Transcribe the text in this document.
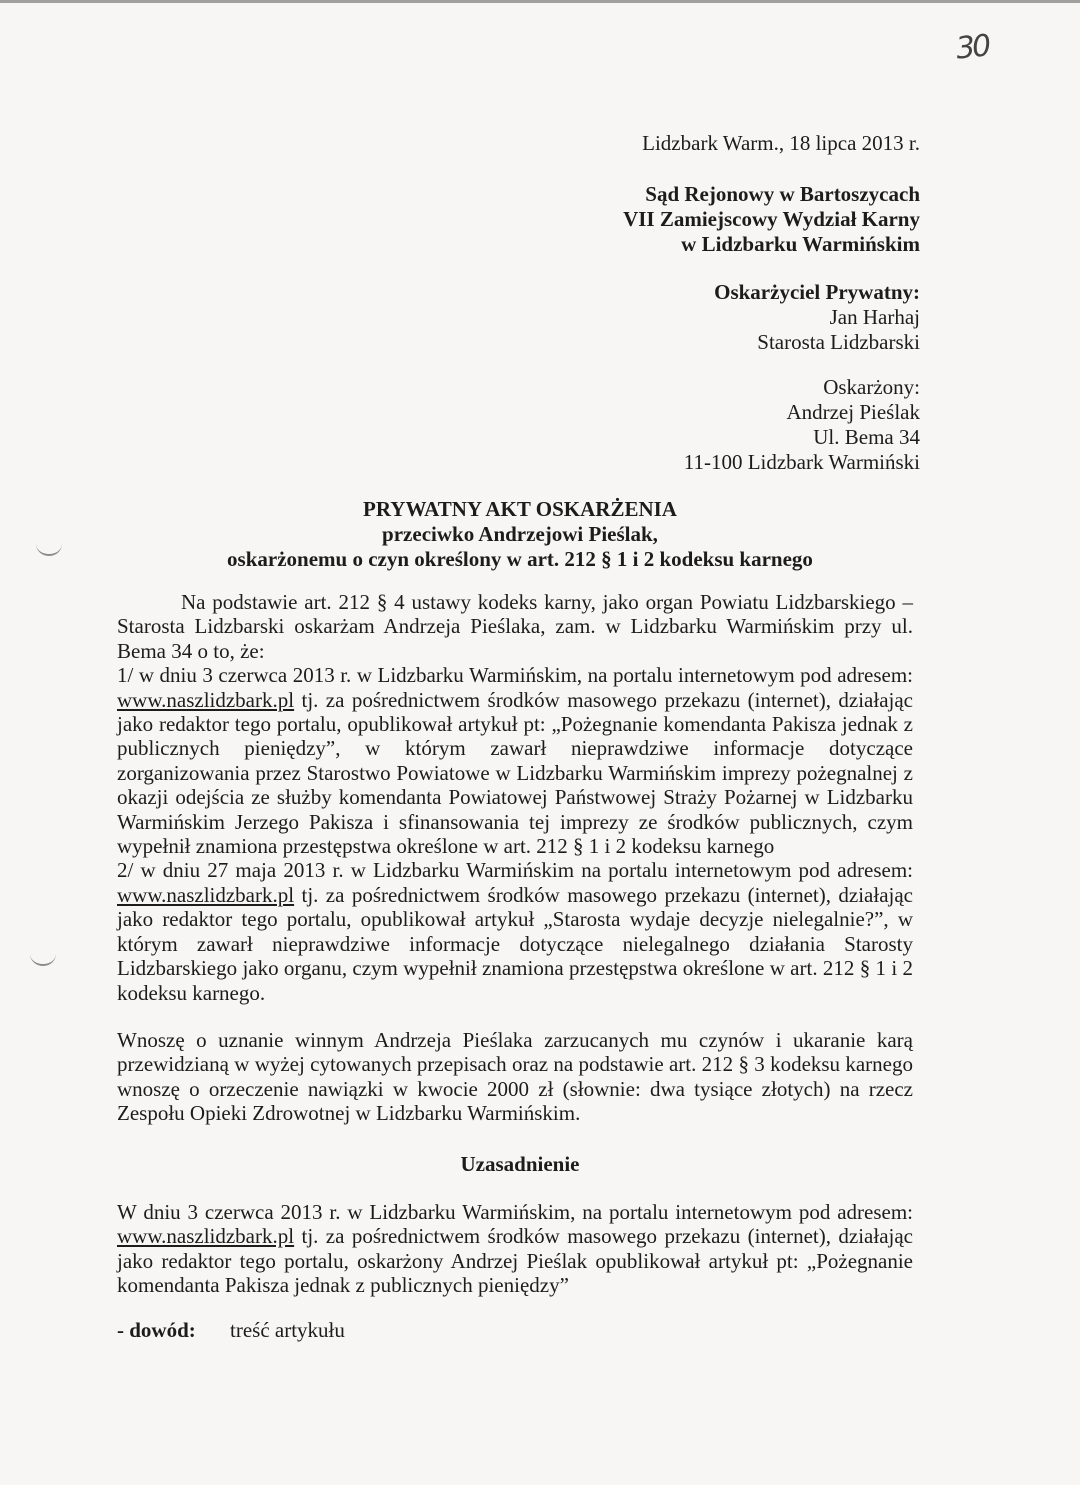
30
Lidzbark Warm., 18 lipca 2013 r.
Sąd Rejonowy w Bartoszycach
VII Zamiejscowy Wydział Karny
w Lidzbarku Warmińskim
Oskarżyciel Prywatny:
Jan Harhaj
Starosta Lidzbarski
Oskarżony:
Andrzej Pieślak
Ul. Bema 34
11-100 Lidzbark Warmiński
PRYWATNY AKT OSKARŻENIA
przeciwko Andrzejowi Pieślak,
oskarżonemu o czyn określony w art. 212 § 1 i 2 kodeksu karnego

Na podstawie art. 212 § 4 ustawy kodeks karny, jako organ Powiatu Lidzbarskiego – Starosta Lidzbarski oskarżam Andrzeja Pieślaka, zam. w Lidzbarku Warmińskim przy ul. Bema 34 o to, że:

1/ w dniu 3 czerwca 2013 r. w Lidzbarku Warmińskim, na portalu internetowym pod adresem: www.naszlidzbark.pl tj. za pośrednictwem środków masowego przekazu (internet), działając jako redaktor tego portalu, opublikował artykuł pt: „Pożegnanie komendanta Pakisza jednak z publicznych pieniędzy”, w którym zawarł nieprawdziwe informacje dotyczące zorganizowania przez Starostwo Powiatowe w Lidzbarku Warmińskim imprezy pożegnalnej z okazji odejścia ze służby komendanta Powiatowej Państwowej Straży Pożarnej w Lidzbarku Warmińskim Jerzego Pakisza i sfinansowania tej imprezy ze środków publicznych, czym wypełnił znamiona przestępstwa określone w art. 212 § 1 i 2 kodeksu karnego

2/ w dniu 27 maja 2013 r. w Lidzbarku Warmińskim na portalu internetowym pod adresem: www.naszlidzbark.pl tj. za pośrednictwem środków masowego przekazu (internet), działając jako redaktor tego portalu, opublikował artykuł „Starosta wydaje decyzje nielegalnie?”, w którym zawarł nieprawdziwe informacje dotyczące nielegalnego działania Starosty Lidzbarskiego jako organu, czym wypełnił znamiona przestępstwa określone w art. 212 § 1 i 2 kodeksu karnego.

Wnoszę o uznanie winnym Andrzeja Pieślaka zarzucanych mu czynów i ukaranie karą przewidzianą w wyżej cytowanych przepisach oraz na podstawie art. 212 § 3 kodeksu karnego wnoszę o orzeczenie nawiązki w kwocie 2000 zł (słownie: dwa tysiące złotych) na rzecz Zespołu Opieki Zdrowotnej w Lidzbarku Warmińskim.

Uzasadnienie

W dniu 3 czerwca 2013 r. w Lidzbarku Warmińskim, na portalu internetowym pod adresem: www.naszlidzbark.pl tj. za pośrednictwem środków masowego przekazu (internet), działając jako redaktor tego portalu, oskarżony Andrzej Pieślak opublikował artykuł pt: „Pożegnanie komendanta Pakisza jednak z publicznych pieniędzy”

- dowód: treść artykułu
